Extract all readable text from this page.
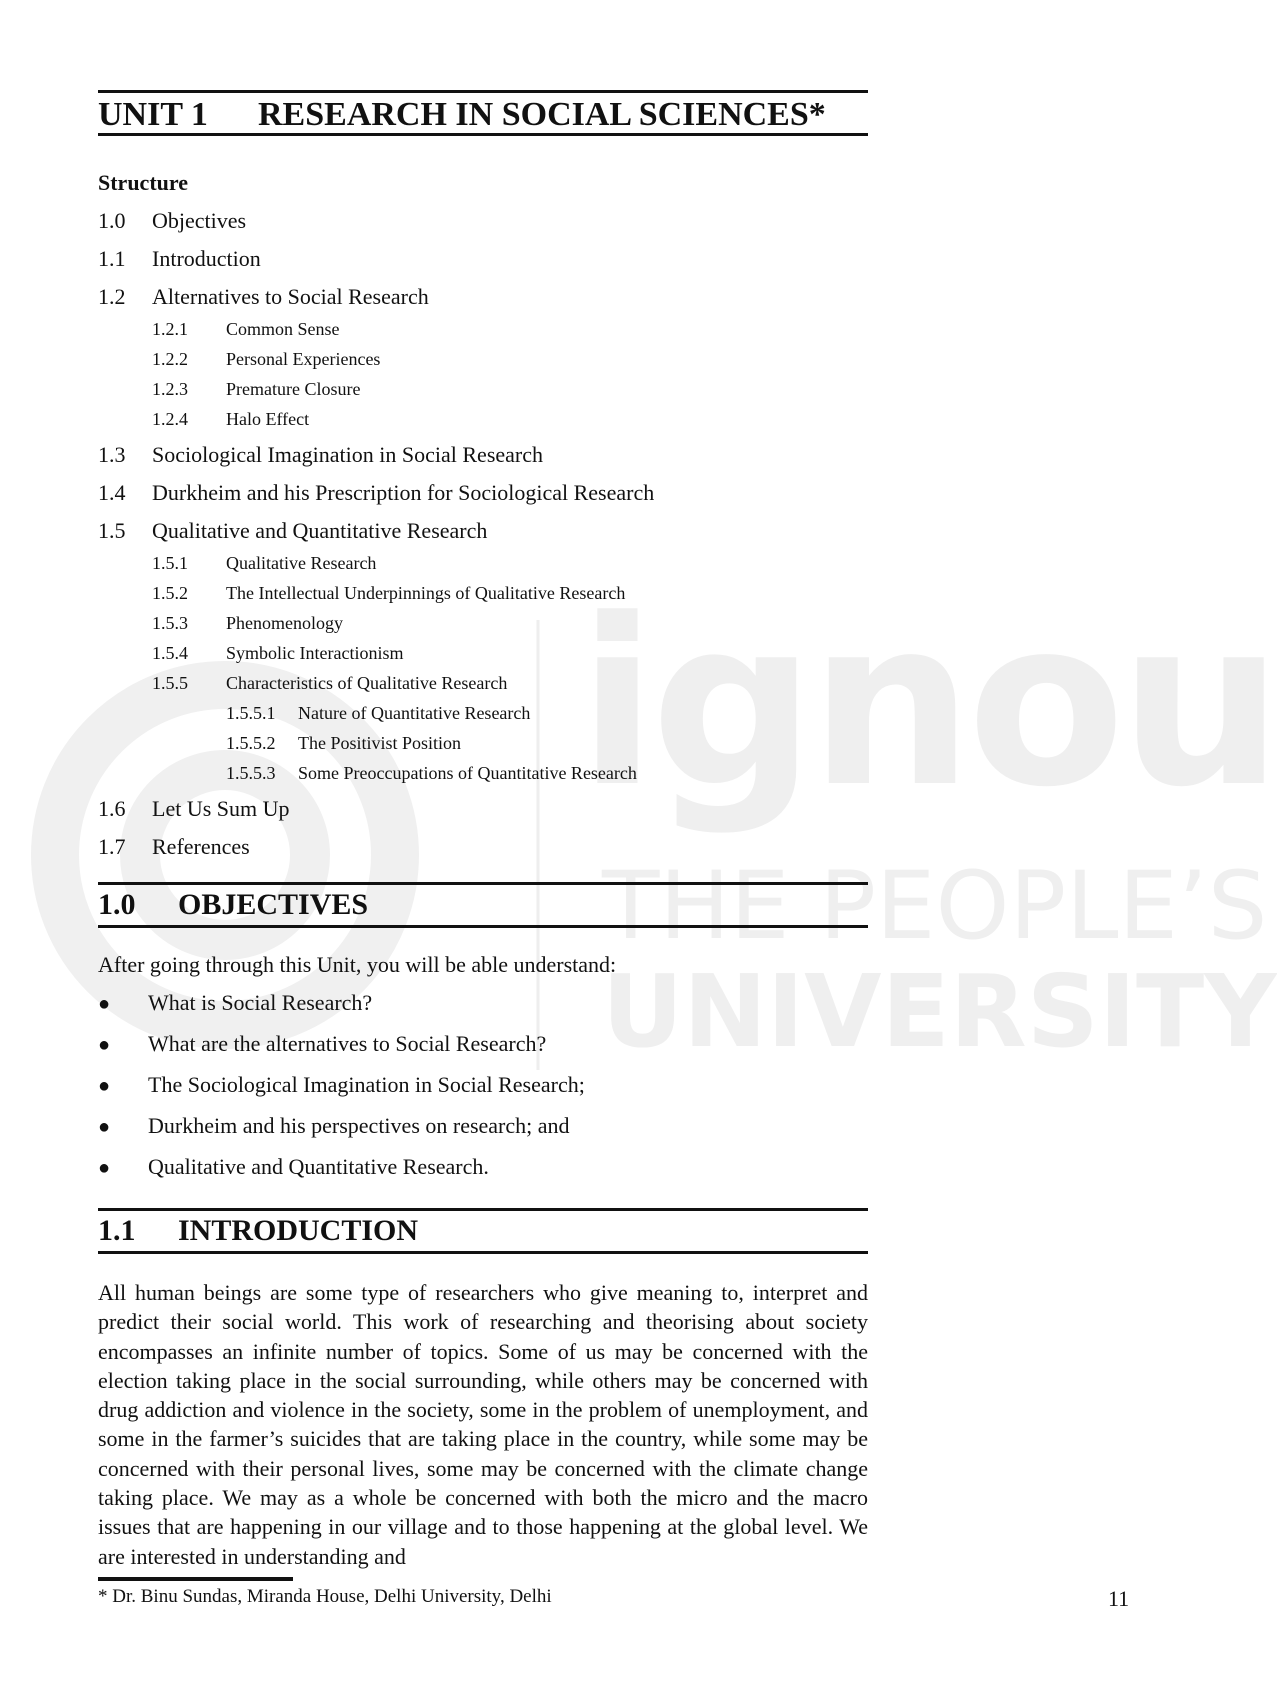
ignou
THE PEOPLE’S
UNIVERSITY
UNIT 1 RESEARCH IN SOCIAL SCIENCES*
Structure
1.0 Objectives
1.1 Introduction
1.2 Alternatives to Social Research
1.2.1 Common Sense
1.2.2 Personal Experiences
1.2.3 Premature Closure
1.2.4 Halo Effect
1.3 Sociological Imagination in Social Research
1.4 Durkheim and his Prescription for Sociological Research
1.5 Qualitative and Quantitative Research
1.5.1 Qualitative Research
1.5.2 The Intellectual Underpinnings of Qualitative Research
1.5.3 Phenomenology
1.5.4 Symbolic Interactionism
1.5.5 Characteristics of Qualitative Research
1.5.5.1 Nature of Quantitative Research
1.5.5.2 The Positivist Position
1.5.5.3 Some Preoccupations of Quantitative Research
1.6 Let Us Sum Up
1.7 References
1.0 OBJECTIVES
After going through this Unit, you will be able understand:
● What is Social Research?
● What are the alternatives to Social Research?
● The Sociological Imagination in Social Research;
● Durkheim and his perspectives on research; and
● Qualitative and Quantitative Research.
1.1 INTRODUCTION
All human beings are some type of researchers who give meaning to, interpret and predict their social world. This work of researching and theorising about society encompasses an infinite number of topics. Some of us may be concerned with the election taking place in the social surrounding, while others may be concerned with drug addiction and violence in the society, some in the problem of unemployment, and some in the farmer’s suicides that are taking place in the country, while some may be concerned with their personal lives, some may be concerned with the climate change taking place. We may as a whole be concerned with both the micro and the macro issues that are happening in our village and to those happening at the global level. We are interested in understanding and
* Dr. Binu Sundas, Miranda House, Delhi University, Delhi	11
